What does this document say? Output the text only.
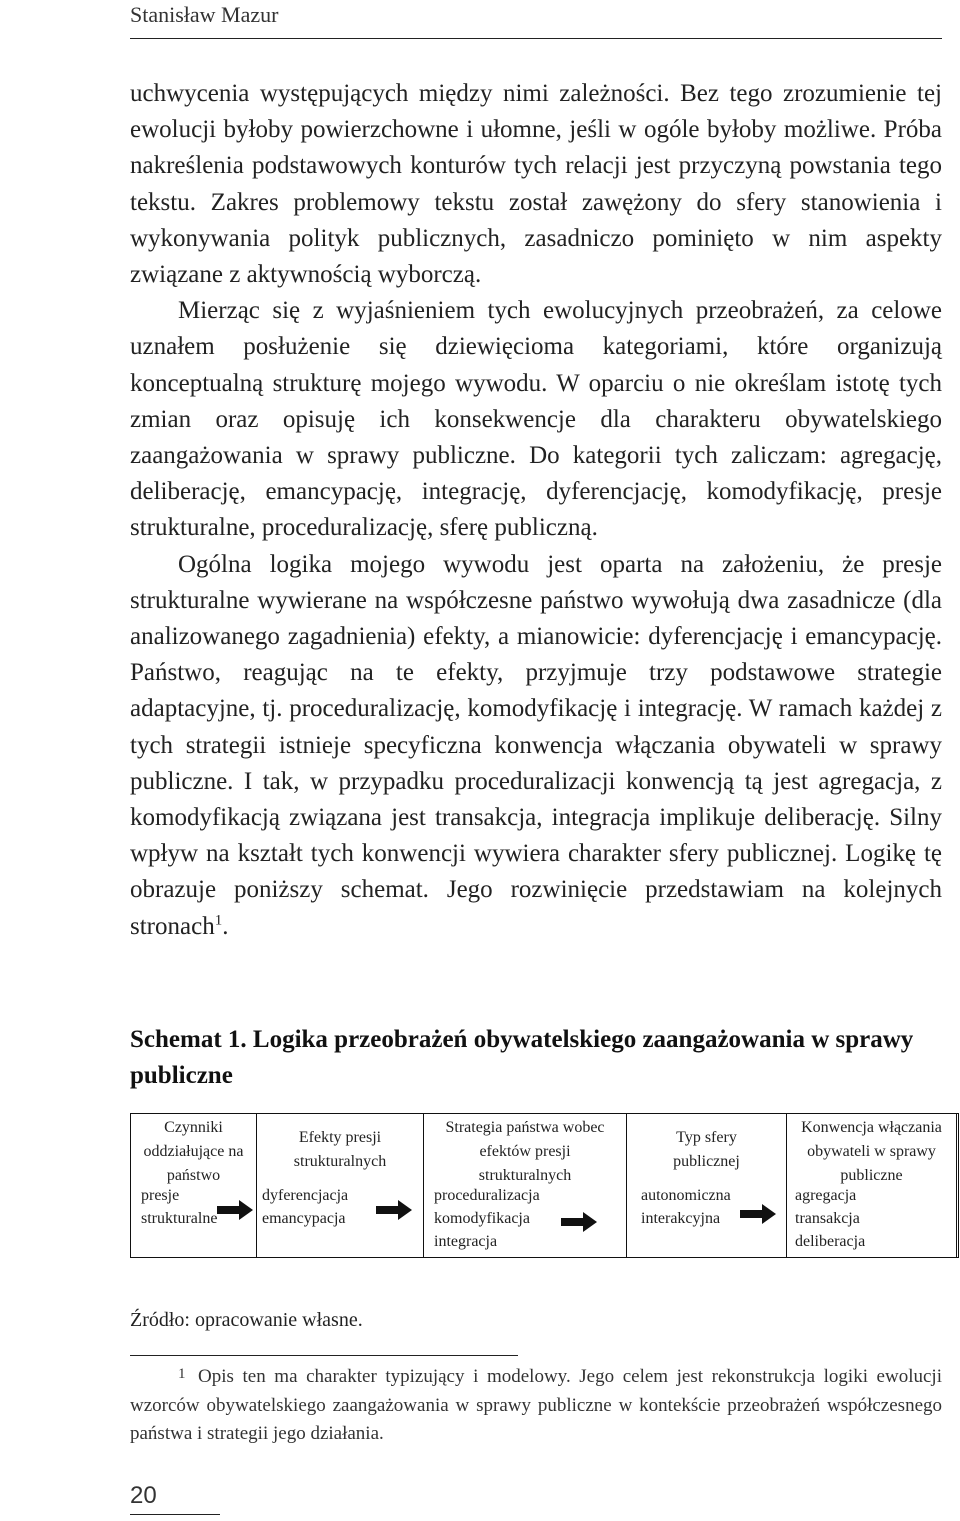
Stanisław Mazur

uchwycenia występujących między nimi zależności. Bez tego zrozumienie tej ewolucji byłoby powierzchowne i ułomne, jeśli w ogóle byłoby możliwe. Próba nakreślenia podstawowych konturów tych relacji jest przyczyną powstania tego tekstu. Zakres problemowy tekstu został zawężony do sfery stanowienia i wykonywania polityk publicznych, zasadniczo pominięto w nim aspekty związane z aktywnością wyborczą.

Mierząc się z wyjaśnieniem tych ewolucyjnych przeobrażeń, za celowe uznałem posłużenie się dziewięcioma kategoriami, które organizują konceptualną strukturę mojego wywodu. W oparciu o nie określam istotę tych zmian oraz opisuję ich konsekwencje dla charakteru obywatelskiego zaangażowania w sprawy publiczne. Do kategorii tych zaliczam: agregację, deliberację, emancypację, integrację, dyferencjację, komodyfikację, presje strukturalne, proceduralizację, sferę publiczną.

Ogólna logika mojego wywodu jest oparta na założeniu, że presje strukturalne wywierane na współczesne państwo wywołują dwa zasadnicze (dla analizowanego zagadnienia) efekty, a mianowicie: dyferencjację i emancypację. Państwo, reagując na te efekty, przyjmuje trzy podstawowe strategie adaptacyjne, tj. proceduralizację, komodyfikację i integrację. W ramach każdej z tych strategii istnieje specyficzna konwencja włączania obywateli w sprawy publiczne. I tak, w przypadku proceduralizacji konwencją tą jest agregacja, z komodyfikacją związana jest transakcja, integracja implikuje deliberację. Silny wpływ na kształt tych konwencji wywiera charakter sfery publicznej. Logikę tę obrazuje poniższy schemat. Jego rozwinięcie przedstawiam na kolejnych stronach$^1$.

Schemat 1. Logika przeobrażeń obywatelskiego zaangażowania w sprawy publiczne
Czynniki oddziałujące na państwo
presje
strukturalne
Efekty presji strukturalnych
dyferencjacja
emancypacja
Strategia państwa wobec efektów presji strukturalnych
proceduralizacja
komodyfikacja
integracja
Typ sfery publicznej
autonomiczna
interakcyjna
Konwencja włączania obywateli w sprawy publiczne
agregacja
transakcja
deliberacja
Źródło: opracowanie własne.
1 Opis ten ma charakter typizujący i modelowy. Jego celem jest rekonstrukcja logiki ewolucji wzorców obywatelskiego zaangażowania w sprawy publiczne w kontekście przeobrażeń współczesnego państwa i strategii jego działania.
20
